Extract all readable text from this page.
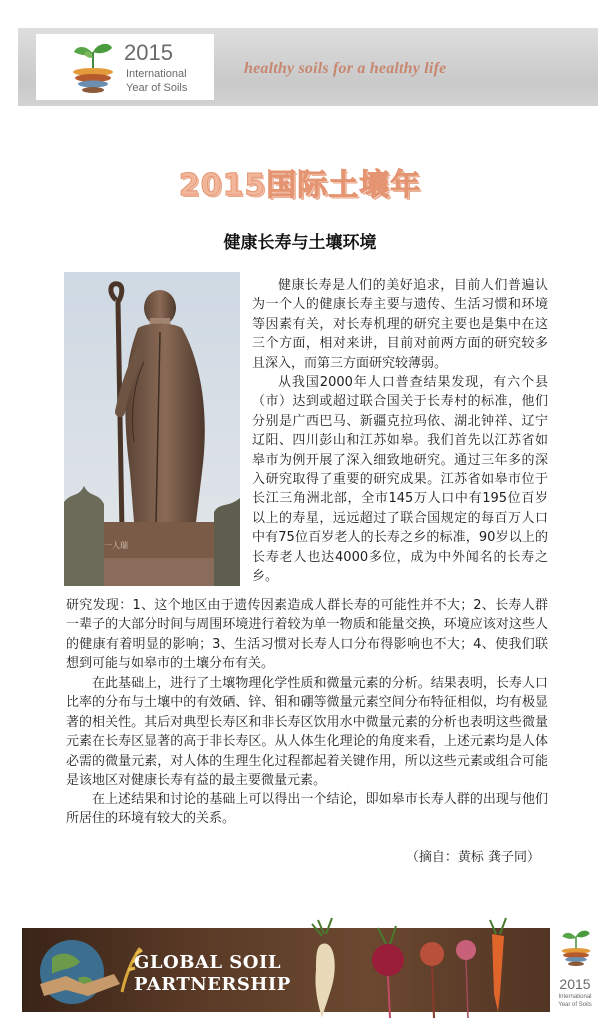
2015
International
Year of Soils
healthy soils for a healthy life
2015国际土壤年
健康长寿与土壤环境
一人瑞

健康长寿是人们的美好追求，目前人们普遍认为一个人的健康长寿主要与遗传、生活习惯和环境等因素有关，对长寿机理的研究主要也是集中在这三个方面，相对来讲，目前对前两方面的研究较多且深入，而第三方面研究较薄弱。

从我国2000年人口普查结果发现，有六个县（市）达到或超过联合国关于长寿村的标准，他们分别是广西巴马、新疆克拉玛依、湖北钟祥、辽宁辽阳、四川彭山和江苏如皋。我们首先以江苏省如皋市为例开展了深入细致地研究。通过三年多的深入研究取得了重要的研究成果。江苏省如皋市位于长江三角洲北部，全市145万人口中有195位百岁以上的寿星，远远超过了联合国规定的每百万人口中有75位百岁老人的长寿之乡的标准，90岁以上的长寿老人也达4000多位，成为中外闻名的长寿之乡。

研究发现：1、这个地区由于遗传因素造成人群长寿的可能性并不大；2、长寿人群一辈子的大部分时间与周围环境进行着较为单一物质和能量交换，环境应该对这些人的健康有着明显的影响；3、生活习惯对长寿人口分布得影响也不大；4、使我们联想到可能与如皋市的土壤分布有关。

在此基础上，进行了土壤物理化学性质和微量元素的分析。结果表明，长寿人口比率的分布与土壤中的有效硒、锌、钼和硼等微量元素空间分布特征相似，均有极显著的相关性。其后对典型长寿区和非长寿区饮用水中微量元素的分析也表明这些微量元素在长寿区显著的高于非长寿区。从人体生化理论的角度来看，上述元素均是人体必需的微量元素，对人体的生理生化过程都起着关键作用，所以这些元素或组合可能是该地区对健康长寿有益的最主要微量元素。

在上述结果和讨论的基础上可以得出一个结论，即如皋市长寿人群的出现与他们所居住的环境有较大的关系。

（摘自：黄标 龚子同）
GLOBAL SOIL
PARTNERSHIP	2015
International
Year of Soils
